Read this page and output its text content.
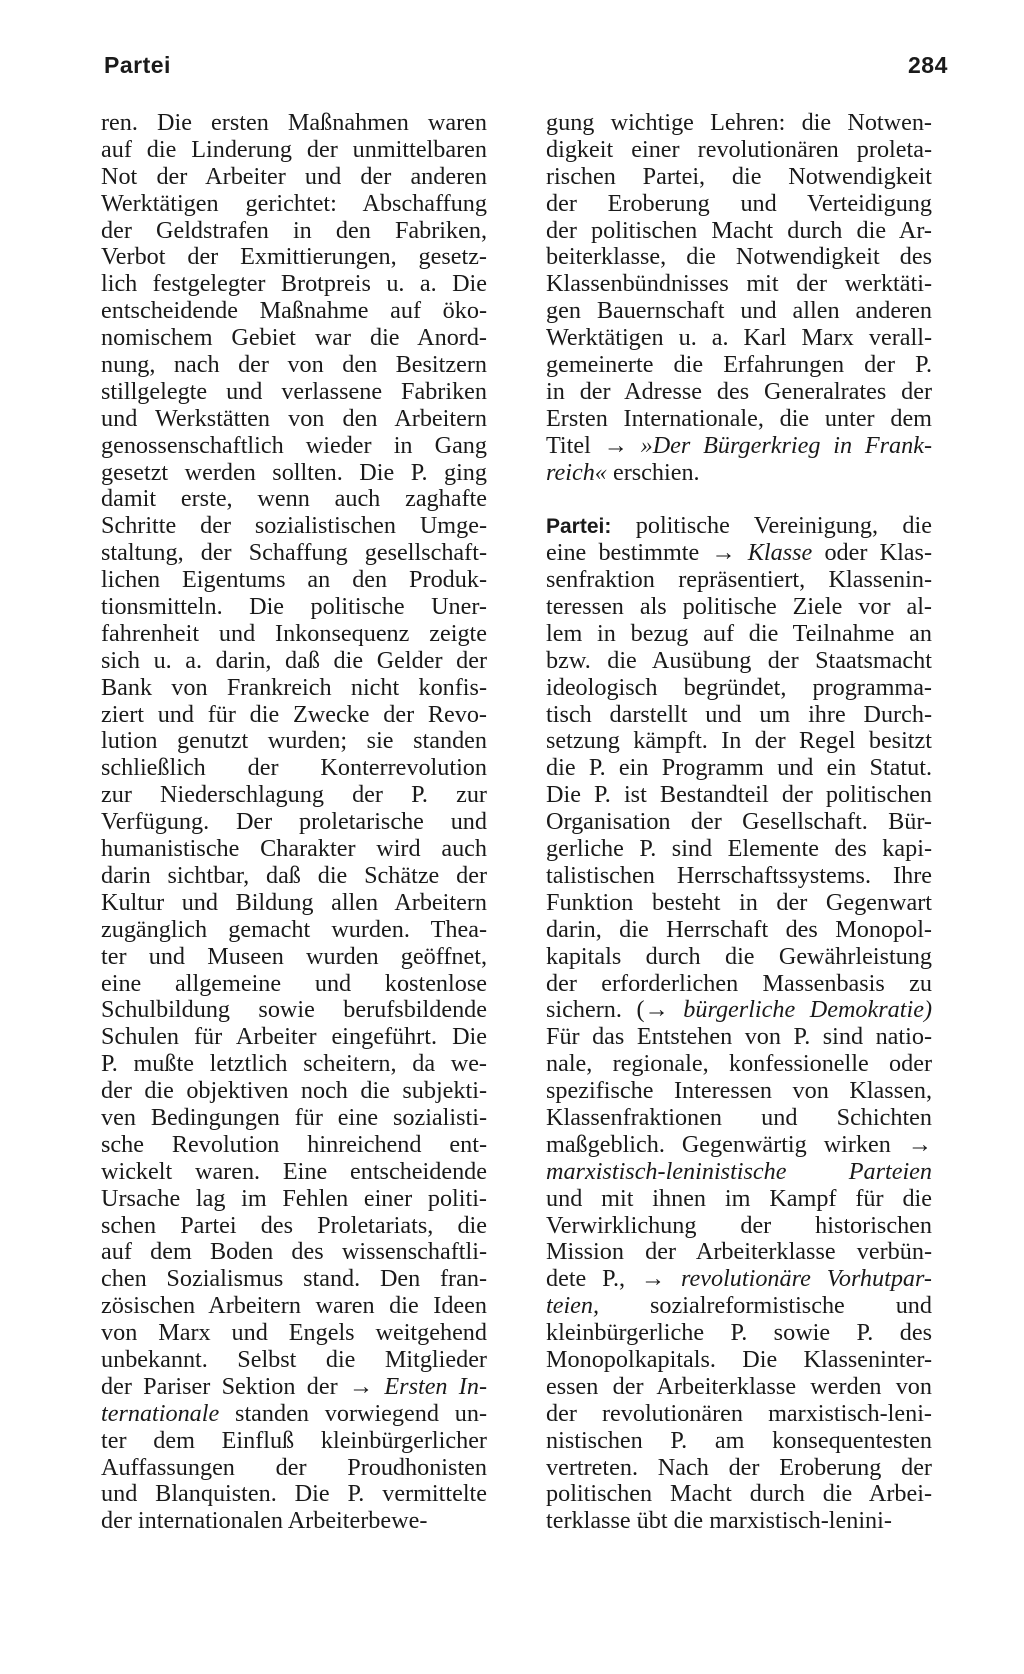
Partei	284
ren. Die ersten Maßnahmen waren
auf die Linderung der unmittelbaren
Not der Arbeiter und der anderen
Werktätigen gerichtet: Abschaffung
der Geldstrafen in den Fabriken,
Verbot der Exmittierungen, gesetz-
lich festgelegter Brotpreis u. a. Die
entscheidende Maßnahme auf öko-
nomischem Gebiet war die Anord-
nung, nach der von den Besitzern
stillgelegte und verlassene Fabriken
und Werkstätten von den Arbeitern
genossenschaftlich wieder in Gang
gesetzt werden sollten. Die P. ging
damit erste, wenn auch zaghafte
Schritte der sozialistischen Umge-
staltung, der Schaffung gesellschaft-
lichen Eigentums an den Produk-
tionsmitteln. Die politische Uner-
fahrenheit und Inkonsequenz zeigte
sich u. a. darin, daß die Gelder der
Bank von Frankreich nicht konfis-
ziert und für die Zwecke der Revo-
lution genutzt wurden; sie standen
schließlich der Konterrevolution
zur Niederschlagung der P. zur
Verfügung. Der proletarische und
humanistische Charakter wird auch
darin sichtbar, daß die Schätze der
Kultur und Bildung allen Arbeitern
zugänglich gemacht wurden. Thea-
ter und Museen wurden geöffnet,
eine allgemeine und kostenlose
Schulbildung sowie berufsbildende
Schulen für Arbeiter eingeführt. Die
P. mußte letztlich scheitern, da we-
der die objektiven noch die subjekti-
ven Bedingungen für eine sozialisti-
sche Revolution hinreichend ent-
wickelt waren. Eine entscheidende
Ursache lag im Fehlen einer politi-
schen Partei des Proletariats, die
auf dem Boden des wissenschaftli-
chen Sozialismus stand. Den fran-
zösischen Arbeitern waren die Ideen
von Marx und Engels weitgehend
unbekannt. Selbst die Mitglieder
der Pariser Sektion der → Ersten In-
ternationale standen vorwiegend un-
ter dem Einfluß kleinbürgerlicher
Auffassungen der Proudhonisten
und Blanquisten. Die P. vermittelte
der internationalen Arbeiterbewe-
gung wichtige Lehren: die Notwen-
digkeit einer revolutionären proleta-
rischen Partei, die Notwendigkeit
der Eroberung und Verteidigung
der politischen Macht durch die Ar-
beiterklasse, die Notwendigkeit des
Klassenbündnisses mit der werktäti-
gen Bauernschaft und allen anderen
Werktätigen u. a. Karl Marx verall-
gemeinerte die Erfahrungen der P.
in der Adresse des Generalrates der
Ersten Internationale, die unter dem
Titel → »Der Bürgerkrieg in Frank-
reich« erschien.
Partei: politische Vereinigung, die
eine bestimmte → Klasse oder Klas-
senfraktion repräsentiert, Klassenin-
teressen als politische Ziele vor al-
lem in bezug auf die Teilnahme an
bzw. die Ausübung der Staatsmacht
ideologisch begründet, programma-
tisch darstellt und um ihre Durch-
setzung kämpft. In der Regel besitzt
die P. ein Programm und ein Statut.
Die P. ist Bestandteil der politischen
Organisation der Gesellschaft. Bür-
gerliche P. sind Elemente des kapi-
talistischen Herrschaftssystems. Ihre
Funktion besteht in der Gegenwart
darin, die Herrschaft des Monopol-
kapitals durch die Gewährleistung
der erforderlichen Massenbasis zu
sichern. (→ bürgerliche Demokratie)
Für das Entstehen von P. sind natio-
nale, regionale, konfessionelle oder
spezifische Interessen von Klassen,
Klassenfraktionen und Schichten
maßgeblich. Gegenwärtig wirken →
marxistisch-leninistische Parteien
und mit ihnen im Kampf für die
Verwirklichung der historischen
Mission der Arbeiterklasse verbün-
dete P., → revolutionäre Vorhutpar-
teien, sozialreformistische und
kleinbürgerliche P. sowie P. des
Monopolkapitals. Die Klasseninter-
essen der Arbeiterklasse werden von
der revolutionären marxistisch-leni-
nistischen P. am konsequentesten
vertreten. Nach der Eroberung der
politischen Macht durch die Arbei-
terklasse übt die marxistisch-lenini-
